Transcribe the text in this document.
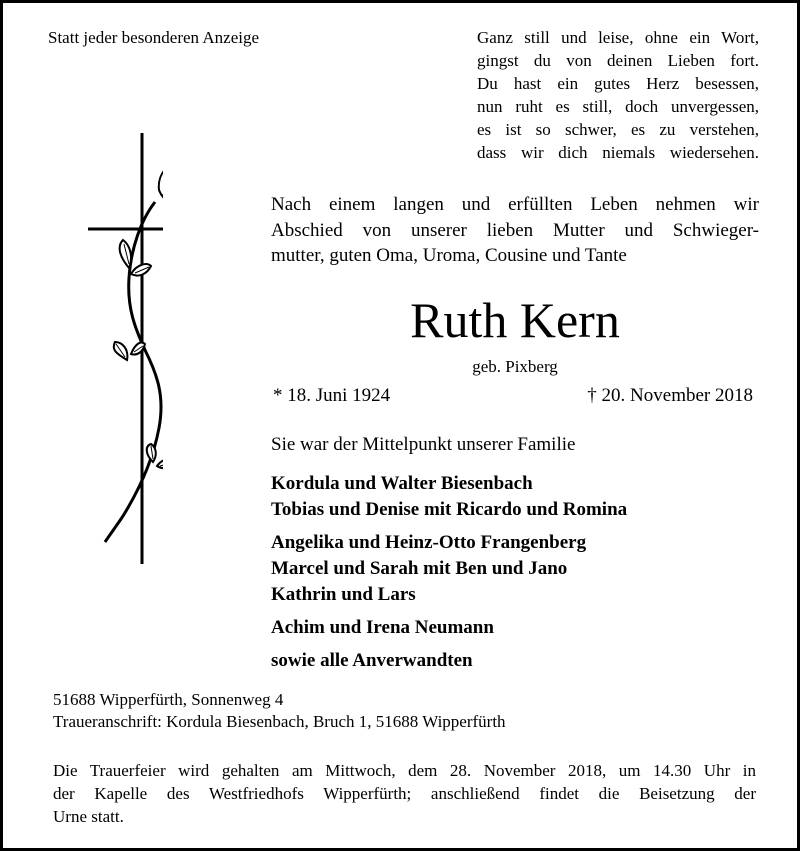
Statt jeder besonderen Anzeige	Ganz still und leise, ohne ein Wort,
gingst du von deinen Lieben fort.
Du hast ein gutes Herz besessen,
nun ruht es still, doch unvergessen,
es ist so schwer, es zu verstehen,
dass wir dich niemals wiedersehen.
Nach einem langen und erfüllten Leben nehmen wir
Abschied von unserer lieben Mutter und Schwieger-
mutter, guten Oma, Uroma, Cousine und Tante

Ruth Kern

geb. Pixberg

* 18. Juni 1924	† 20. November 2018

Sie war der Mittelpunkt unserer Familie

Kordula und Walter Biesenbach
Tobias und Denise mit Ricardo und Romina
Angelika und Heinz-Otto Frangenberg
Marcel und Sarah mit Ben und Jano
Kathrin und Lars
Achim und Irena Neumann
sowie alle Anverwandten
51688 Wipperfürth, Sonnenweg 4
Traueranschrift: Kordula Biesenbach, Bruch 1, 51688 Wipperfürth
Die Trauerfeier wird gehalten am Mittwoch, dem 28. November 2018, um 14.30 Uhr in
der Kapelle des Westfriedhofs Wipperfürth; anschließend findet die Beisetzung der
Urne statt.
